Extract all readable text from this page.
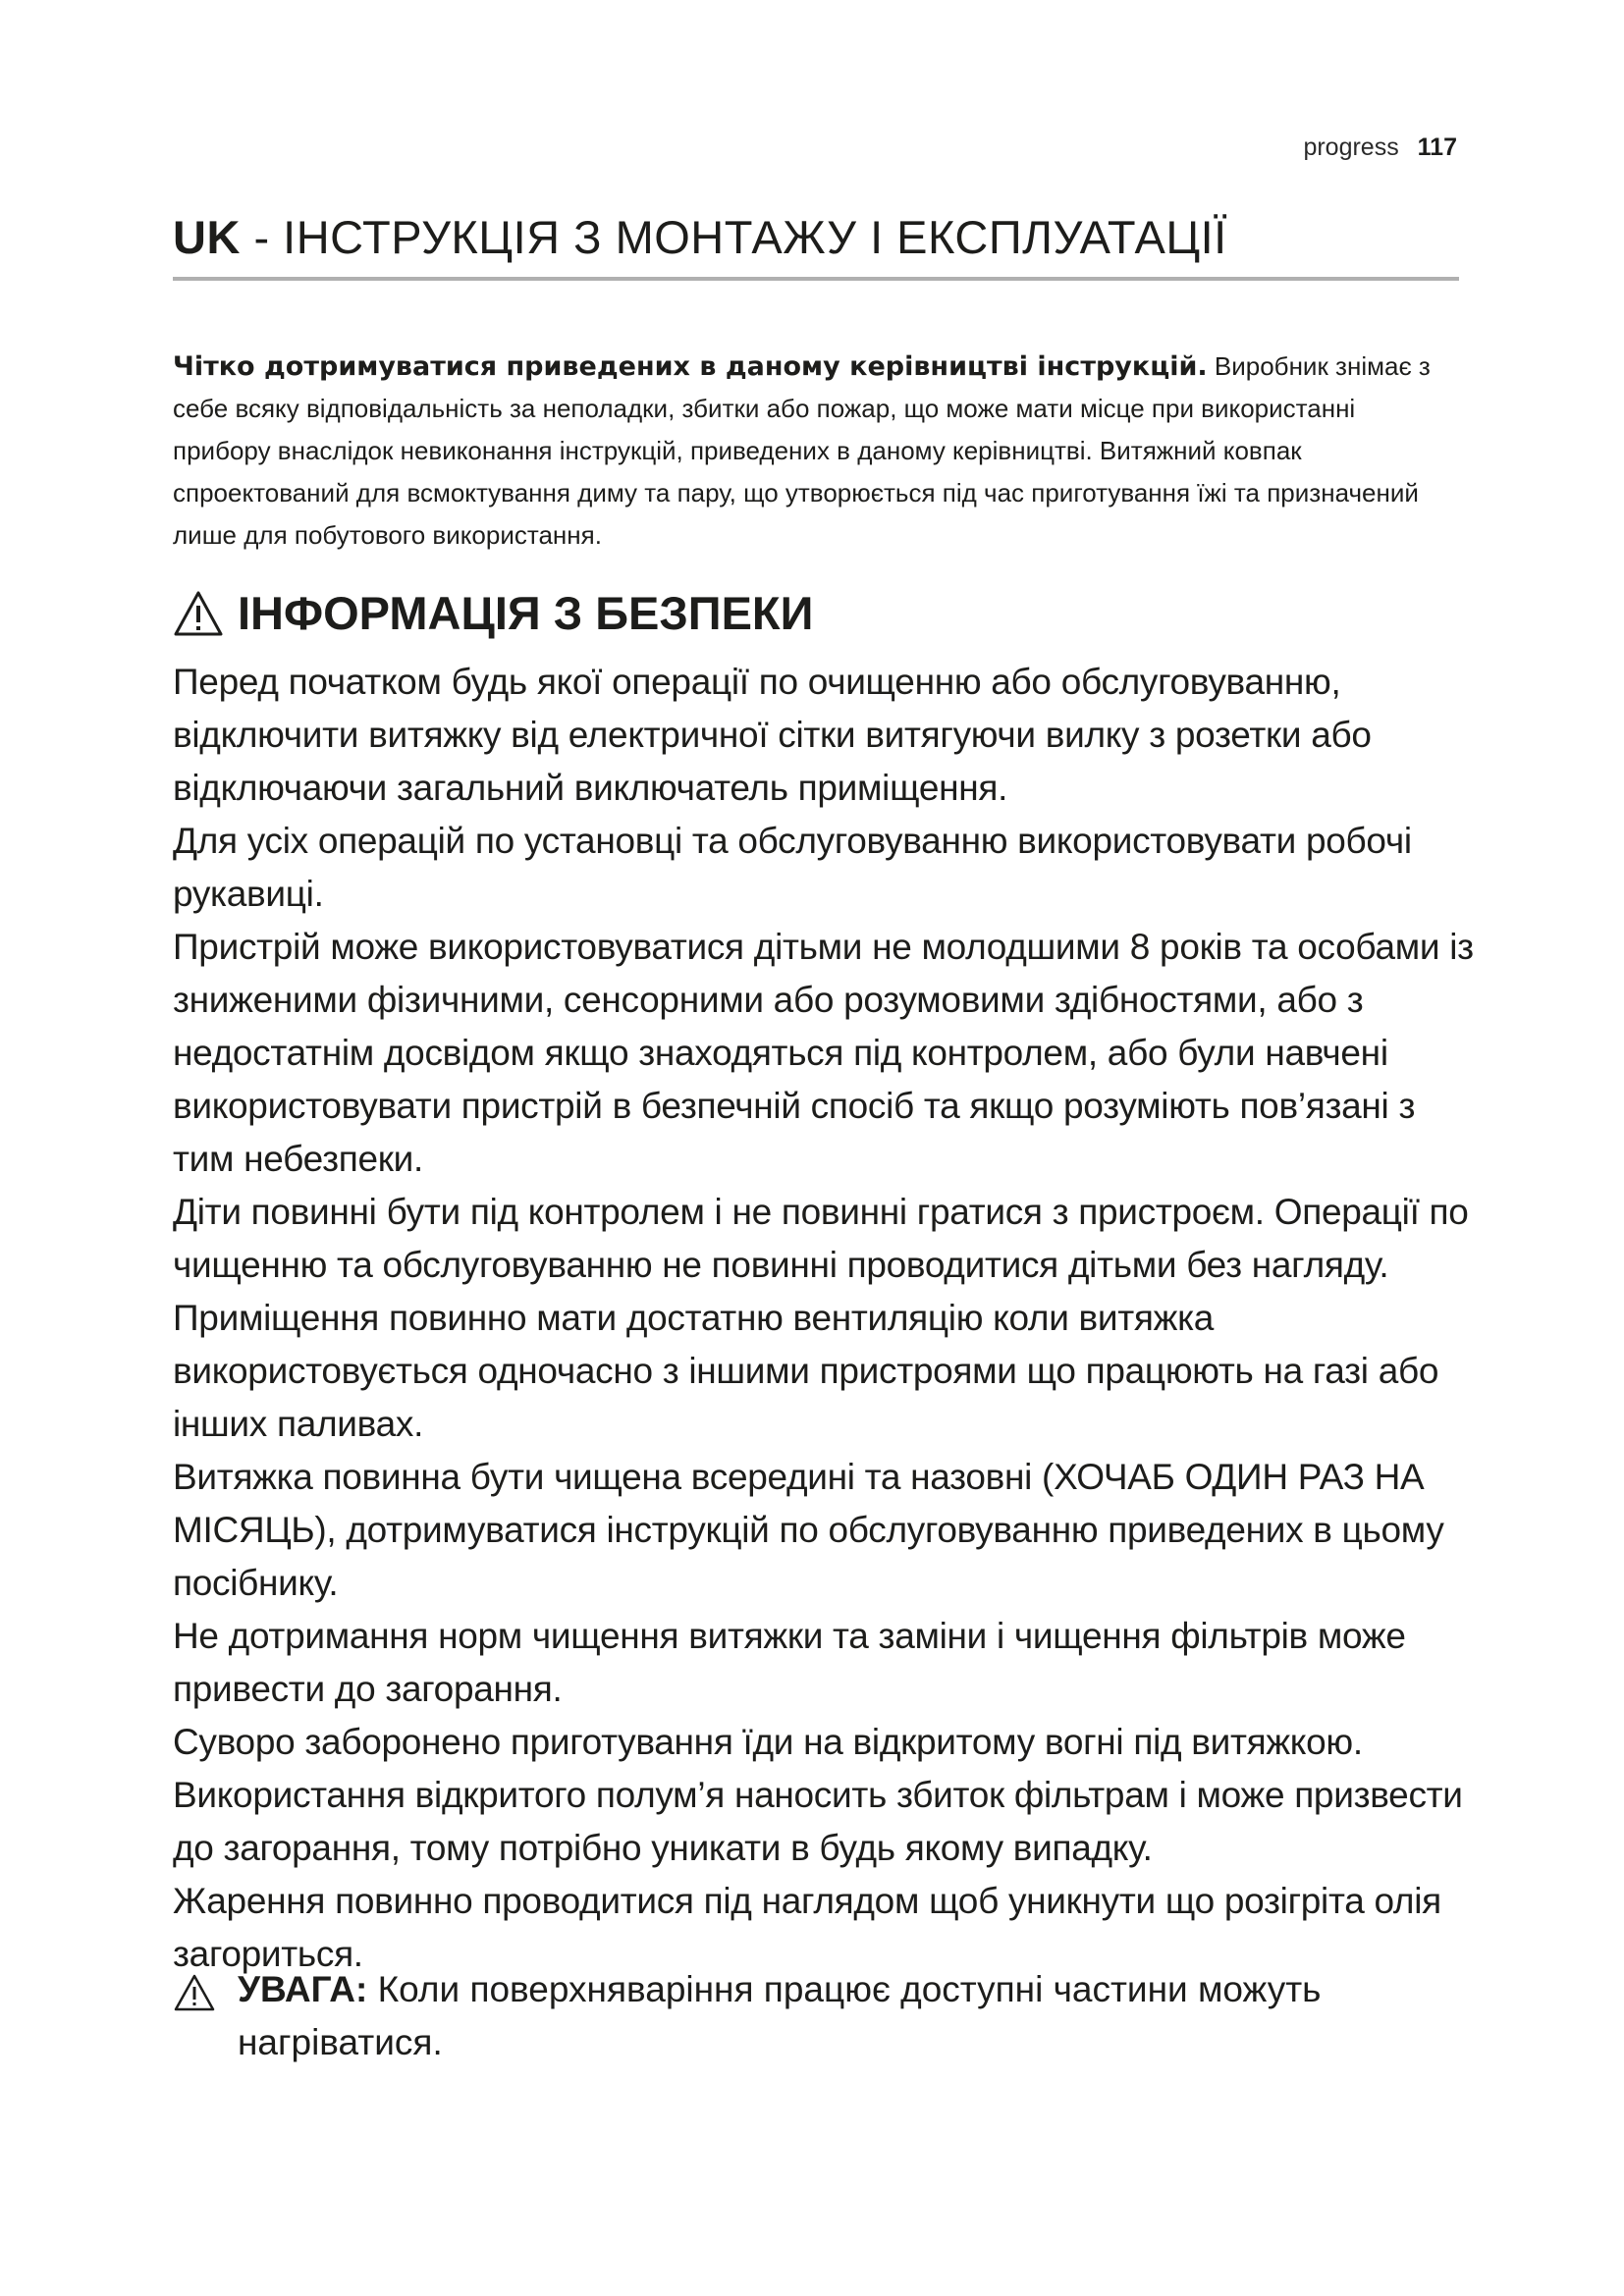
progress 117
UK - ІНСТРУКЦІЯ З МОНТАЖУ І ЕКСПЛУАТАЦІЇ

Чітко дотримуватися приведених в даному керівництві інструкцій. Виробник знімає з себе всяку відповідальність за неполадки, збитки або пожар, що може мати місце при використанні прибору внаслідок невиконання інструкцій, приведених в даному керівництві. Витяжний ковпак спроектований для всмоктування диму та пару, що утворюється під час приготування їжі та призначений лише для побутового використання.

ІНФОРМАЦІЯ З БЕЗПЕКИ

Перед початком будь якої операції по очищенню або обслуговуванню, відключити витяжку від електричної сітки витягуючи вилку з розетки або відключаючи загальний виключатель приміщення.

Для усіх операцій по установці та обслуговуванню використовувати робочі рукавиці.

Пристрій може використовуватися дітьми не молодшими 8 років та особами із зниженими фізичними, сенсорними або розумовими здібностями, або з недостатнім досвідом якщо знаходяться під контролем, або були навчені використовувати пристрій в безпечній спосіб та якщо розуміють пов’язані з тим небезпеки.

Діти повинні бути під контролем і не повинні гратися з пристроєм. Операції по чищенню та обслуговуванню не повинні проводитися дітьми без нагляду.

Приміщення повинно мати достатню вентиляцію коли витяжка використовується одночасно з іншими пристроями що працюють на газі або інших паливах.

Витяжка повинна бути чищена всередині та назовні (ХОЧАБ ОДИН РАЗ НА МІСЯЦЬ), дотримуватися інструкцій по обслуговуванню приведених в цьому посібнику.

Не дотримання норм чищення витяжки та заміни і чищення фільтрів може привести до загорання.

Суворо заборонено приготування їди на відкритому вогні під витяжкою.

Використання відкритого полум’я наносить збиток фільтрам і може призвести до загорання, тому потрібно уникати в будь якому випадку.

Жарення повинно проводитися під наглядом щоб уникнути що розігріта олія загориться.

УВАГА: Коли поверхняваріння працює доступні частини можуть нагріватися.
